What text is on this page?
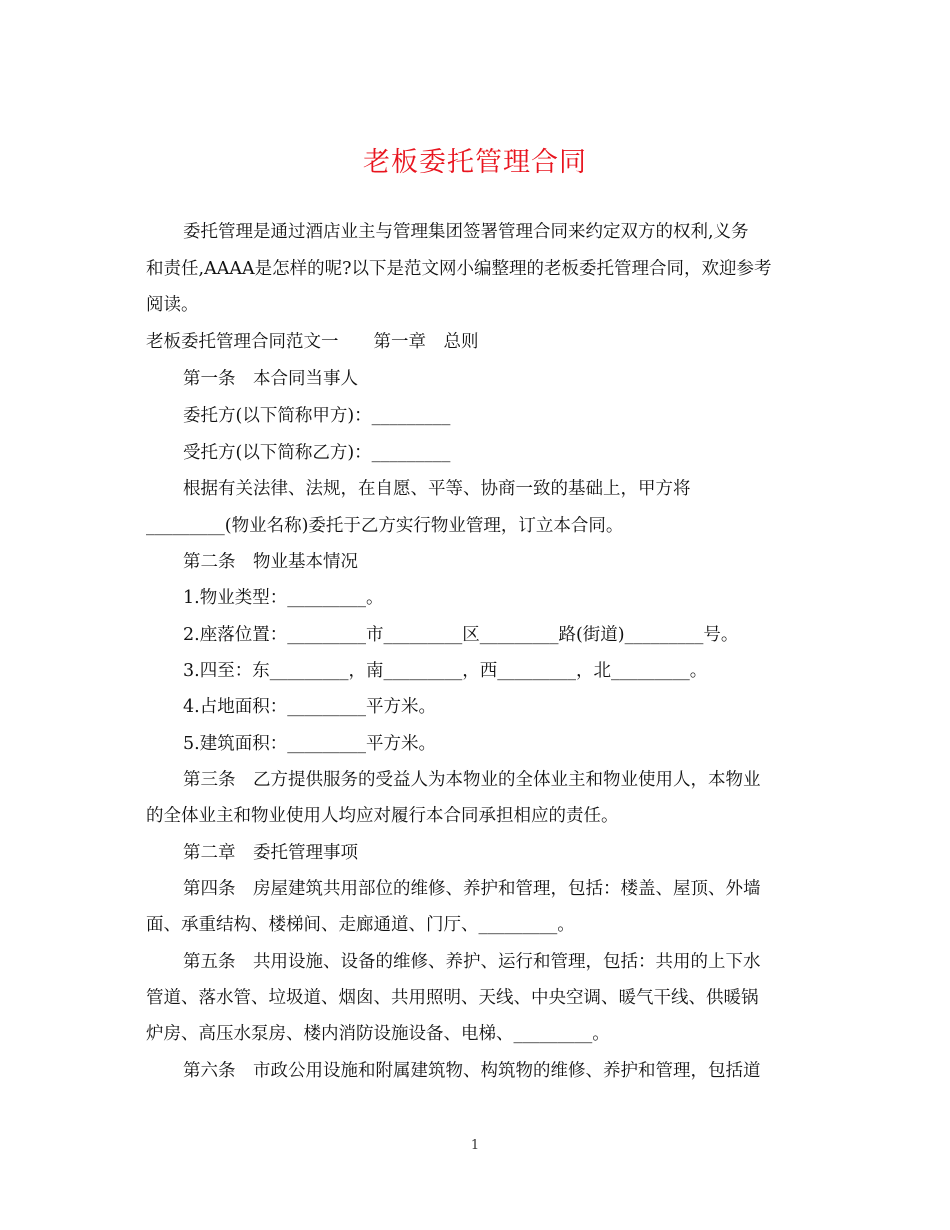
老板委托管理合同
委托管理是通过酒店业主与管理集团签署管理合同来约定双方的权利,义务
和责任,AAAA是怎样的呢?以下是范文网小编整理的老板委托管理合同，欢迎参考
阅读。
老板委托管理合同范文一　　第一章　总则
第一条　本合同当事人
委托方(以下简称甲方)：_________
受托方(以下简称乙方)：_________
根据有关法律、法规，在自愿、平等、协商一致的基础上，甲方将
_________(物业名称)委托于乙方实行物业管理，订立本合同。
第二条　物业基本情况
1.物业类型：_________。
2.座落位置：_________市_________区_________路(街道)_________号。
3.四至：东_________，南_________，西_________，北_________。
4.占地面积：_________平方米。
5.建筑面积：_________平方米。
第三条　乙方提供服务的受益人为本物业的全体业主和物业使用人，本物业
的全体业主和物业使用人均应对履行本合同承担相应的责任。
第二章　委托管理事项
第四条　房屋建筑共用部位的维修、养护和管理，包括：楼盖、屋顶、外墙
面、承重结构、楼梯间、走廊通道、门厅、_________。
第五条　共用设施、设备的维修、养护、运行和管理，包括：共用的上下水
管道、落水管、垃圾道、烟囱、共用照明、天线、中央空调、暖气干线、供暖锅
炉房、高压水泵房、楼内消防设施设备、电梯、_________。
第六条　市政公用设施和附属建筑物、构筑物的维修、养护和管理，包括道
1
